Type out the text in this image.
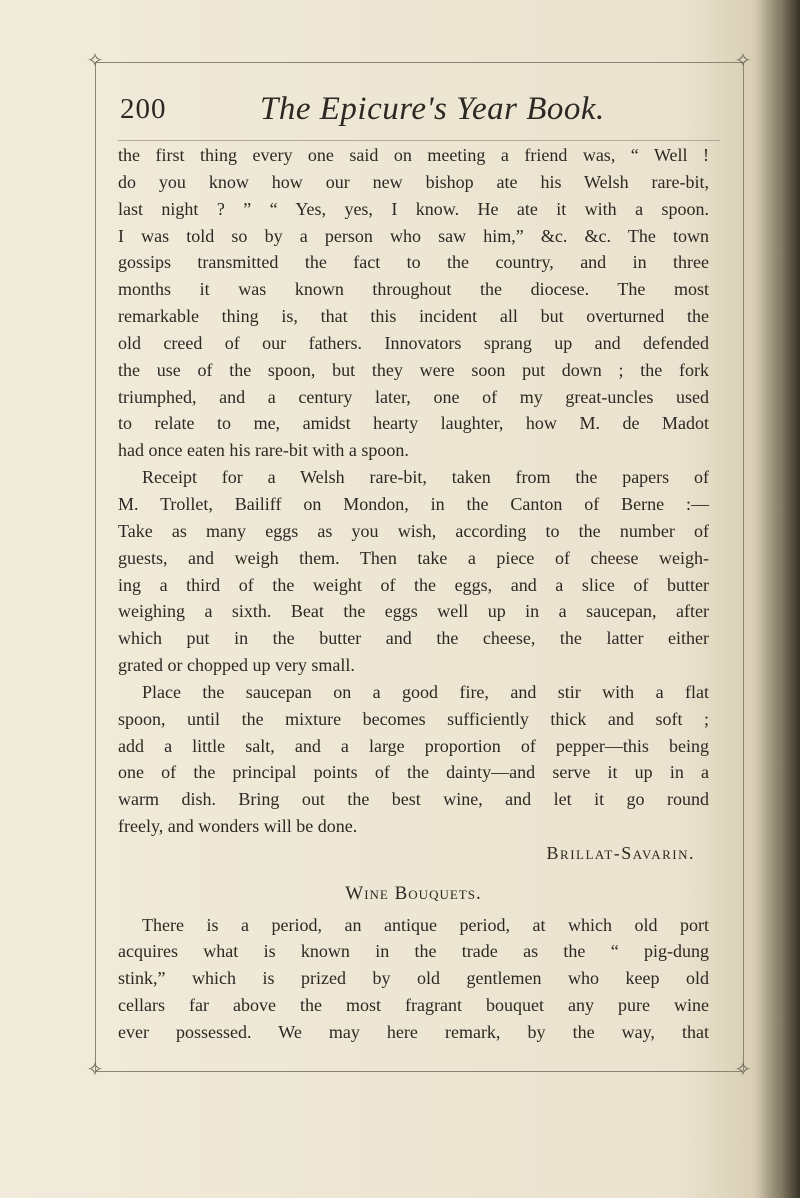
✧	✧
✧	✧
200	The Epicure's Year Book.
the first thing every one said on meeting a friend was, “ Well !
do you know how our new bishop ate his Welsh rare-bit,
last night ? ” “ Yes, yes, I know. He ate it with a spoon.
I was told so by a person who saw him,” &c. &c. The town
gossips transmitted the fact to the country, and in three
months it was known throughout the diocese. The most
remarkable thing is, that this incident all but overturned the
old creed of our fathers. Innovators sprang up and defended
the use of the spoon, but they were soon put down ; the fork
triumphed, and a century later, one of my great-uncles used
to relate to me, amidst hearty laughter, how M. de Madot
had once eaten his rare-bit with a spoon.
Receipt for a Welsh rare-bit, taken from the papers of
M. Trollet, Bailiff on Mondon, in the Canton of Berne :—
Take as many eggs as you wish, according to the number of
guests, and weigh them. Then take a piece of cheese weigh-
ing a third of the weight of the eggs, and a slice of butter
weighing a sixth. Beat the eggs well up in a saucepan, after
which put in the butter and the cheese, the latter either
grated or chopped up very small.
Place the saucepan on a good fire, and stir with a flat
spoon, until the mixture becomes sufficiently thick and soft ;
add a little salt, and a large proportion of pepper—this being
one of the principal points of the dainty—and serve it up in a
warm dish. Bring out the best wine, and let it go round
freely, and wonders will be done.
Brillat-Savarin.
Wine Bouquets.
There is a period, an antique period, at which old port
acquires what is known in the trade as the “ pig-dung
stink,” which is prized by old gentlemen who keep old
cellars far above the most fragrant bouquet any pure wine
ever possessed. We may here remark, by the way, that
